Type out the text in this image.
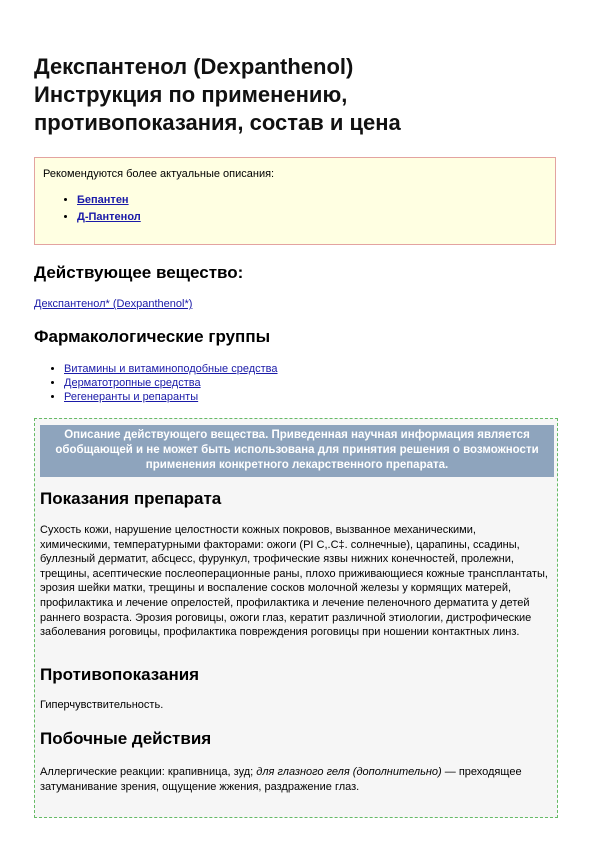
Декспантенол (Dexpanthenol)
Инструкция по применению,
противопоказания, состав и цена
Рекомендуются более актуальные описания:
• Бепантен
• Д-Пантенол
Действующее вещество:
Декспантенол* (Dexpanthenol*)
Фармакологические группы
• Витамины и витаминоподобные средства
• Дерматотропные средства
• Регенеранты и репаранты
Описание действующего вещества. Приведенная научная информация является обобщающей и не может быть использована для принятия решения о возможности применения конкретного лекарственного препарата.
Показания препарата

Сухость кожи, нарушение целостности кожных покровов, вызванное механическими, химическими, температурными факторами: ожоги (РI С,.С‡. солнечные), царапины, ссадины, буллезный дерматит, абсцесс, фурункул, трофические язвы нижних конечностей, пролежни, трещины, асептические послеоперационные раны, плохо приживающиеся кожные трансплантаты, эрозия шейки матки, трещины и воспаление сосков молочной железы у кормящих матерей, профилактика и лечение опрелостей, профилактика и лечение пеленочного дерматита у детей раннего возраста. Эрозия роговицы, ожоги глаз, кератит различной этиологии, дистрофические заболевания роговицы, профилактика повреждения роговицы при ношении контактных линз.

Противопоказания

Гиперчувствительность.

Побочные действия

Аллергические реакции: крапивница, зуд; для глазного геля (дополнительно) — преходящее затуманивание зрения, ощущение жжения, раздражение глаз.
